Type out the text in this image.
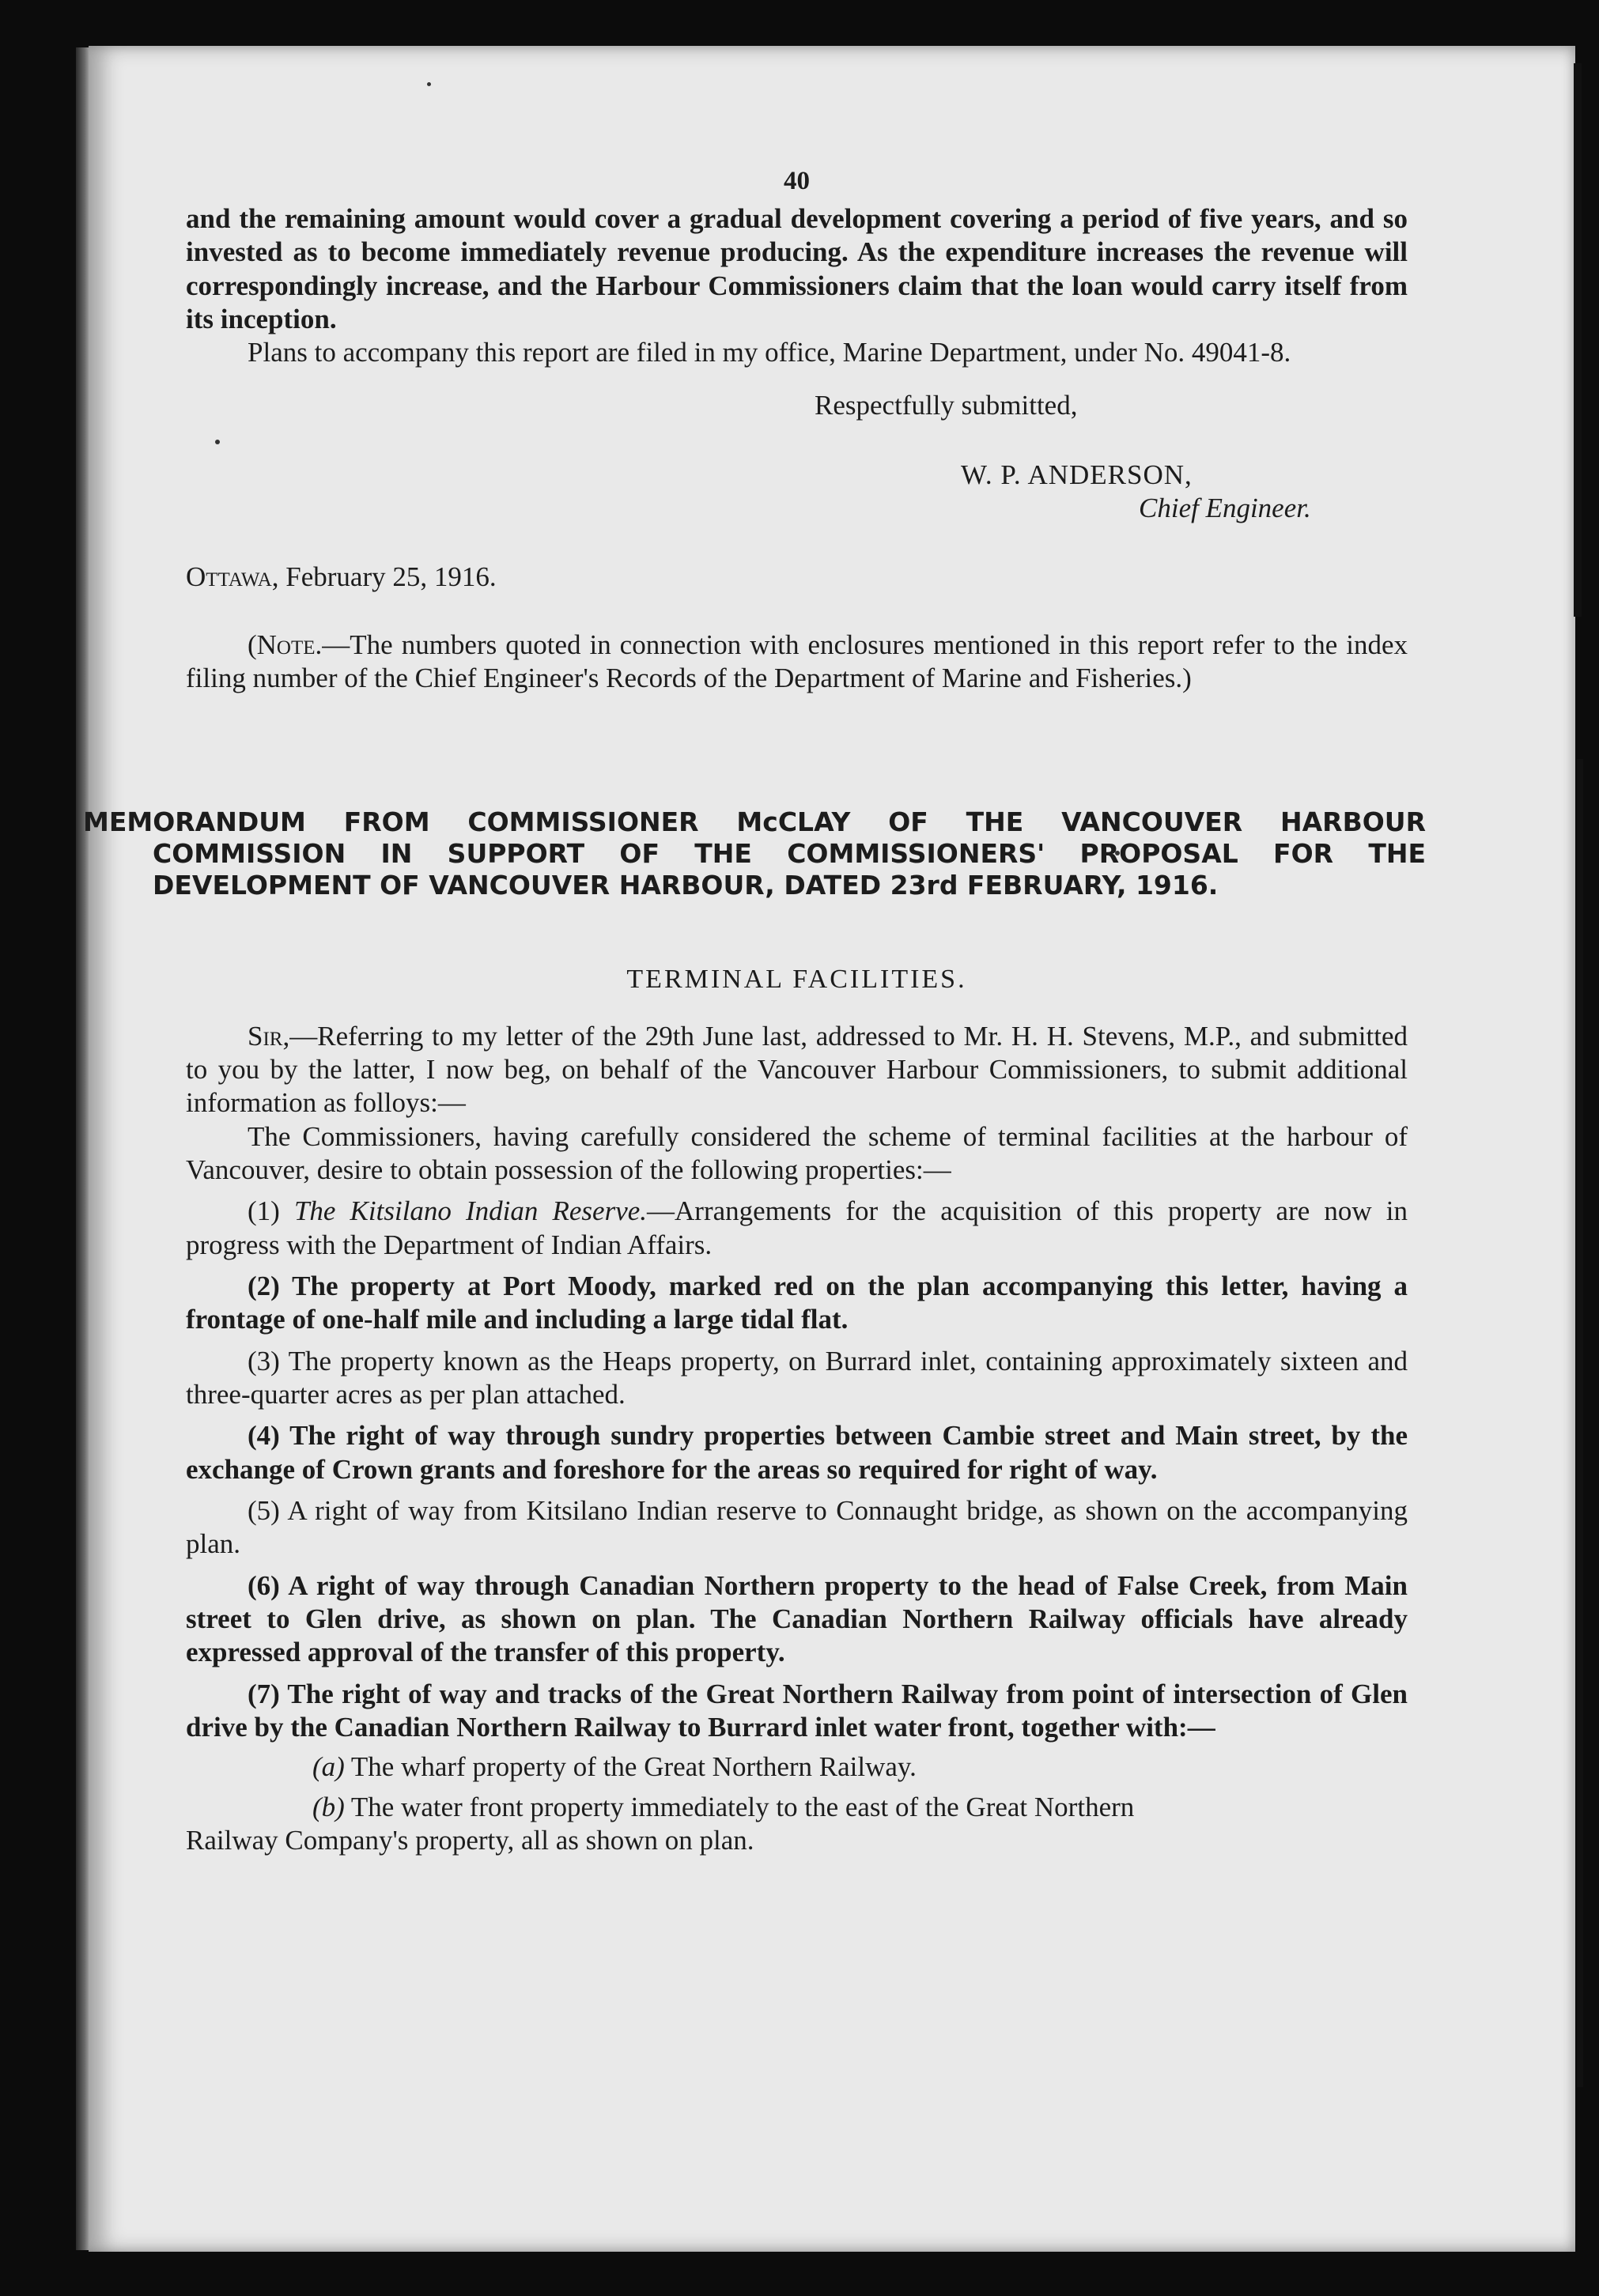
40

and the remaining amount would cover a gradual development covering a period of five years, and so invested as to become immediately revenue producing. As the expenditure increases the revenue will correspondingly increase, and the Harbour Commissioners claim that the loan would carry itself from its inception.

Plans to accompany this report are filed in my office, Marine Department, under No. 49041-8.

Respectfully submitted,

W. P. ANDERSON,

Chief Engineer.

Ottawa, February 25, 1916.

(Note.—The numbers quoted in connection with enclosures mentioned in this report refer to the index filing number of the Chief Engineer's Records of the Department of Marine and Fisheries.)

MEMORANDUM FROM COMMISSIONER McCLAY OF THE VANCOUVER HARBOUR COMMISSION IN SUPPORT OF THE COMMISSIONERS' PROPOSAL FOR THE DEVELOPMENT OF VANCOUVER HARBOUR, DATED 23rd FEBRUARY, 1916.

TERMINAL FACILITIES.

Sir,—Referring to my letter of the 29th June last, addressed to Mr. H. H. Stevens, M.P., and submitted to you by the latter, I now beg, on behalf of the Vancouver Harbour Commissioners, to submit additional information as folloys:—

The Commissioners, having carefully considered the scheme of terminal facilities at the harbour of Vancouver, desire to obtain possession of the following properties:—

(1) The Kitsilano Indian Reserve.—Arrangements for the acquisition of this property are now in progress with the Department of Indian Affairs.

(2) The property at Port Moody, marked red on the plan accompanying this letter, having a frontage of one-half mile and including a large tidal flat.

(3) The property known as the Heaps property, on Burrard inlet, containing approximately sixteen and three-quarter acres as per plan attached.

(4) The right of way through sundry properties between Cambie street and Main street, by the exchange of Crown grants and foreshore for the areas so required for right of way.

(5) A right of way from Kitsilano Indian reserve to Connaught bridge, as shown on the accompanying plan.

(6) A right of way through Canadian Northern property to the head of False Creek, from Main street to Glen drive, as shown on plan. The Canadian Northern Railway officials have already expressed approval of the transfer of this property.

(7) The right of way and tracks of the Great Northern Railway from point of intersection of Glen drive by the Canadian Northern Railway to Burrard inlet water front, together with:—

(a) The wharf property of the Great Northern Railway.

(b) The water front property immediately to the east of the Great Northern

Railway Company's property, all as shown on plan.
